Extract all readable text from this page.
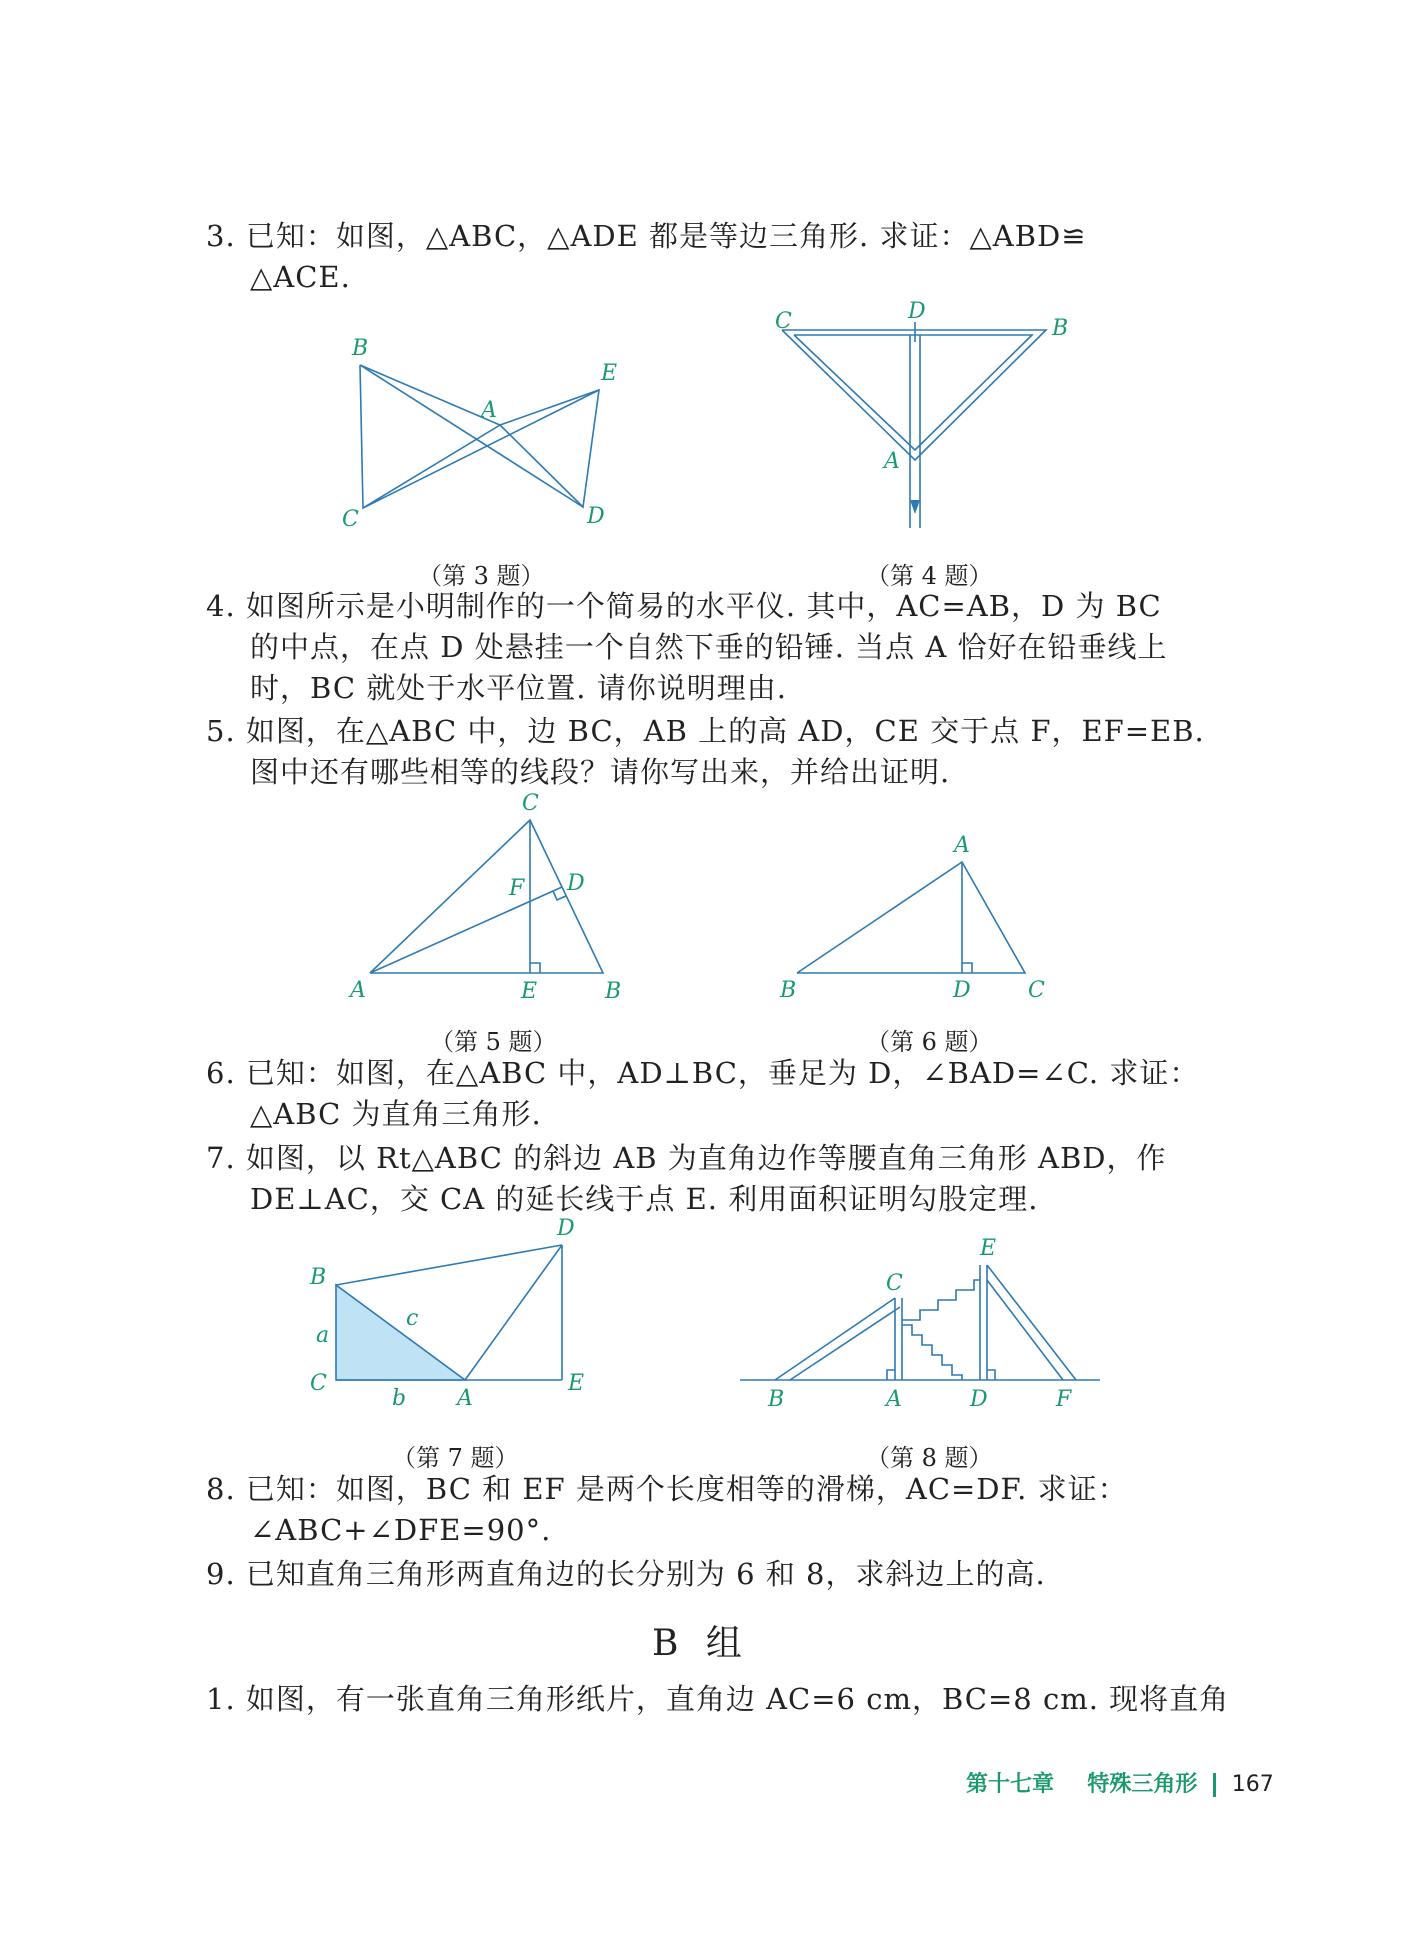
3. 已知：如图，△ABC，△ADE 都是等边三角形. 求证：△ABD≌
△ACE.
B
E
A
C	D
C	D
B
A
（第 3 题）	（第 4 题）
4. 如图所示是小明制作的一个简易的水平仪. 其中，AC=AB，D 为 BC
的中点，在点 D 处悬挂一个自然下垂的铅锤. 当点 A 恰好在铅垂线上
时，BC 就处于水平位置. 请你说明理由.
5. 如图，在△ABC 中，边 BC，AB 上的高 AD，CE 交于点 F，EF=EB.
图中还有哪些相等的线段？请你写出来，并给出证明.
C
F D
A	E	B
A
B	D	C
（第 5 题）	（第 6 题）
6. 已知：如图，在△ABC 中，AD⊥BC，垂足为 D，∠BAD=∠C. 求证：
△ABC 为直角三角形.
7. 如图，以 Rt△ABC 的斜边 AB 为直角边作等腰直角三角形 ABD，作
DE⊥AC，交 CA 的延长线于点 E. 利用面积证明勾股定理.
D
B
a
c
C
b A
E
E
C
B	A	D	F
（第 7 题）	（第 8 题）
8. 已知：如图，BC 和 EF 是两个长度相等的滑梯，AC=DF. 求证：
∠ABC+∠DFE=90°.
9. 已知直角三角形两直角边的长分别为 6 和 8，求斜边上的高.
B 组
1. 如图，有一张直角三角形纸片，直角边 AC=6 cm，BC=8 cm. 现将直角
第十七章 特殊三角形 167
